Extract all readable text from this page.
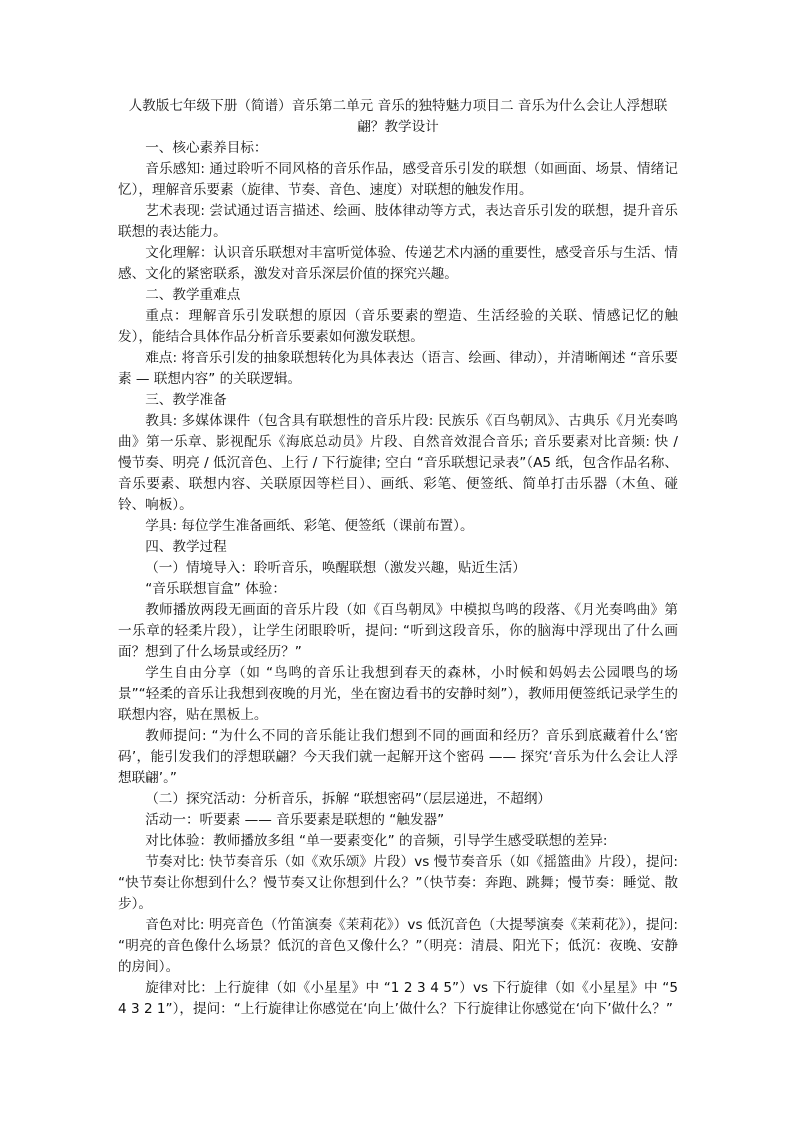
人教版七年级下册（简谱）音乐第二单元 音乐的独特魅力项目二 音乐为什么会让人浮想联翩？教学设计

一、核心素养目标：

音乐感知: 通过聆听不同风格的音乐作品，感受音乐引发的联想（如画面、场景、情绪记忆），理解音乐要素（旋律、节奏、音色、速度）对联想的触发作用。

艺术表现: 尝试通过语言描述、绘画、肢体律动等方式，表达音乐引发的联想，提升音乐联想的表达能力。

文化理解：认识音乐联想对丰富听觉体验、传递艺术内涵的重要性，感受音乐与生活、情感、文化的紧密联系，激发对音乐深层价值的探究兴趣。

二、教学重难点

重点：理解音乐引发联想的原因（音乐要素的塑造、生活经验的关联、情感记忆的触发），能结合具体作品分析音乐要素如何激发联想。

难点: 将音乐引发的抽象联想转化为具体表达（语言、绘画、律动），并清晰阐述 “音乐要素 — 联想内容” 的关联逻辑。

三、教学准备

教具: 多媒体课件（包含具有联想性的音乐片段: 民族乐《百鸟朝凤》、古典乐《月光奏鸣曲》第一乐章、影视配乐《海底总动员》片段、自然音效混合音乐; 音乐要素对比音频: 快 / 慢节奏、明亮 / 低沉音色、上行 / 下行旋律; 空白 “音乐联想记录表”（A5 纸，包含作品名称、音乐要素、联想内容、关联原因等栏目）、画纸、彩笔、便签纸、简单打击乐器（木鱼、碰铃、响板）。

学具: 每位学生准备画纸、彩笔、便签纸（课前布置）。

四、教学过程

（一）情境导入：聆听音乐，唤醒联想（激发兴趣，贴近生活）

“音乐联想盲盒” 体验：

教师播放两段无画面的音乐片段（如《百鸟朝凤》中模拟鸟鸣的段落、《月光奏鸣曲》第一乐章的轻柔片段），让学生闭眼聆听，提问: “听到这段音乐，你的脑海中浮现出了什么画面？想到了什么场景或经历？”

学生自由分享（如 “鸟鸣的音乐让我想到春天的森林，小时候和妈妈去公园喂鸟的场景”“轻柔的音乐让我想到夜晚的月光，坐在窗边看书的安静时刻”），教师用便签纸记录学生的联想内容，贴在黑板上。

教师提问: “为什么不同的音乐能让我们想到不同的画面和经历？音乐到底藏着什么‘密码’，能引发我们的浮想联翩？今天我们就一起解开这个密码 —— 探究‘音乐为什么会让人浮想联翩’。”

（二）探究活动：分析音乐，拆解 “联想密码”（层层递进，不超纲）

活动一：听要素 —— 音乐要素是联想的 “触发器”

对比体验：教师播放多组 “单一要素变化” 的音频，引导学生感受联想的差异:

节奏对比: 快节奏音乐（如《欢乐颂》片段）vs 慢节奏音乐（如《摇篮曲》片段），提问: “快节奏让你想到什么？慢节奏又让你想到什么？”（快节奏：奔跑、跳舞；慢节奏：睡觉、散步）。

音色对比: 明亮音色（竹笛演奏《茉莉花》）vs 低沉音色（大提琴演奏《茉莉花》），提问: “明亮的音色像什么场景？低沉的音色又像什么？”（明亮：清晨、阳光下；低沉：夜晚、安静的房间）。

旋律对比：上行旋律（如《小星星》中 “1 2 3 4 5”）vs 下行旋律（如《小星星》中 “5 4 3 2 1”），提问：“上行旋律让你感觉在‘向上’做什么？下行旋律让你感觉在‘向下’做什么？”
